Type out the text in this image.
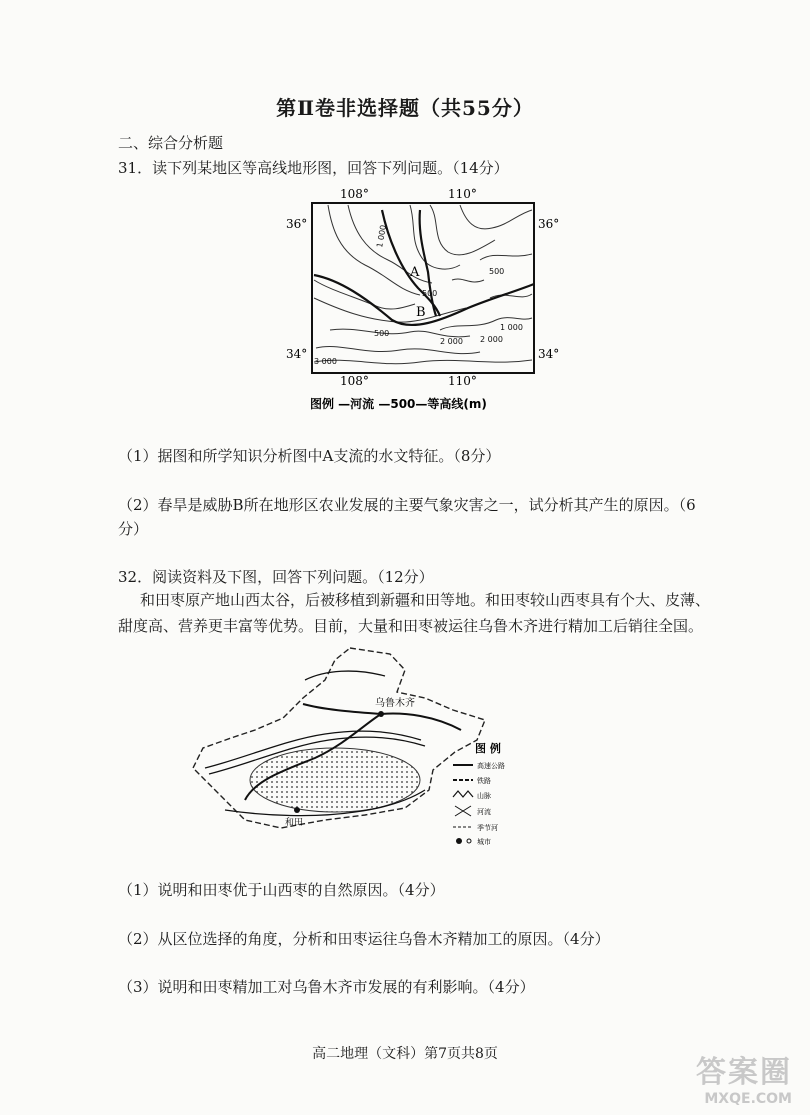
第Ⅱ卷非选择题（共55分）
二、综合分析题
31．读下列某地区等高线地形图，回答下列问题。（14分）
108°	110°
36°	36°
34°	34°
108°	110°
1 000
500
500
500
1 000
2 000
3 000
2 000
A
B
图例 —河流 —500—等高线(m)
（1）据图和所学知识分析图中A支流的水文特征。（8分）
（2）春旱是威胁B所在地形区农业发展的主要气象灾害之一，试分析其产生的原因。（6
分）
32．阅读资料及下图，回答下列问题。（12分）
和田枣原产地山西太谷，后被移植到新疆和田等地。和田枣较山西枣具有个大、皮薄、
甜度高、营养更丰富等优势。目前，大量和田枣被运往乌鲁木齐进行精加工后销往全国。
乌鲁木齐
和田
图 例
高速公路
铁路
山脉
河流
季节河
城市
（1）说明和田枣优于山西枣的自然原因。（4分）
（2）从区位选择的角度，分析和田枣运往乌鲁木齐精加工的原因。（4分）
（3）说明和田枣精加工对乌鲁木齐市发展的有利影响。（4分）
高二地理（文科）第7页共8页
答案圈
MXQE.COM
